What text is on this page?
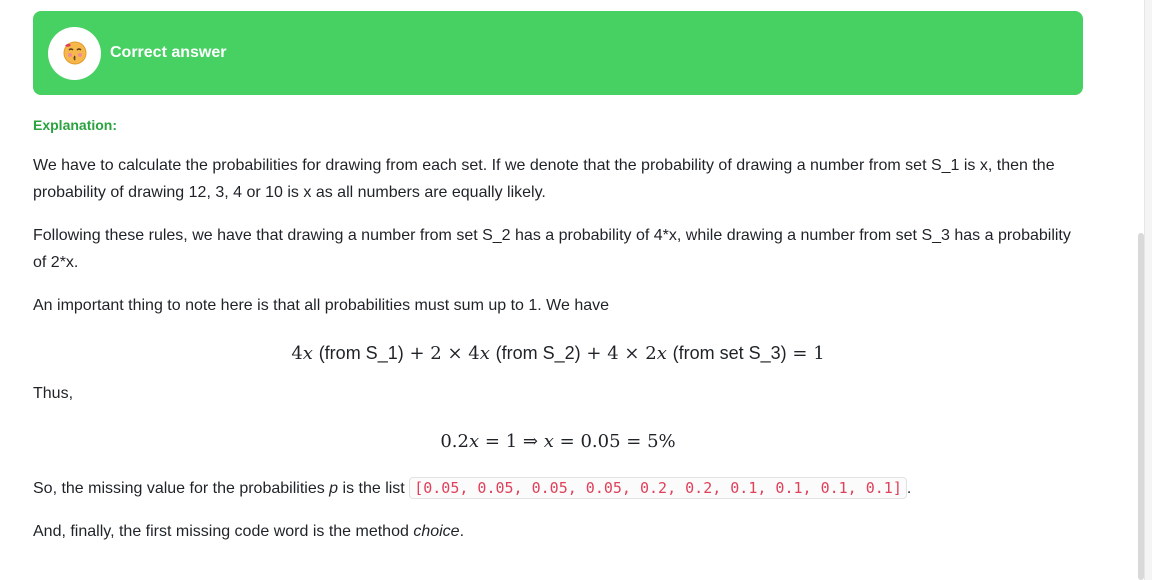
Correct answer
Explanation:

We have to calculate the probabilities for drawing from each set. If we denote that the probability of drawing a number from set S_1 is x, then the probability of drawing 12, 3, 4 or 10 is x as all numbers are equally likely.

Following these rules, we have that drawing a number from set S_2 has a probability of 4*x, while drawing a number from set S_3 has a probability of 2*x.

An important thing to note here is that all probabilities must sum up to 1. We have

4x (from S_1) + 2 × 4x (from S_2) + 4 × 2x (from set S_3) = 1

Thus,

0.2x = 1 ⇒ x = 0.05 = 5%

So, the missing value for the probabilities p is the list [0.05, 0.05, 0.05, 0.05, 0.2, 0.2, 0.1, 0.1, 0.1, 0.1] .

And, finally, the first missing code word is the method choice.
